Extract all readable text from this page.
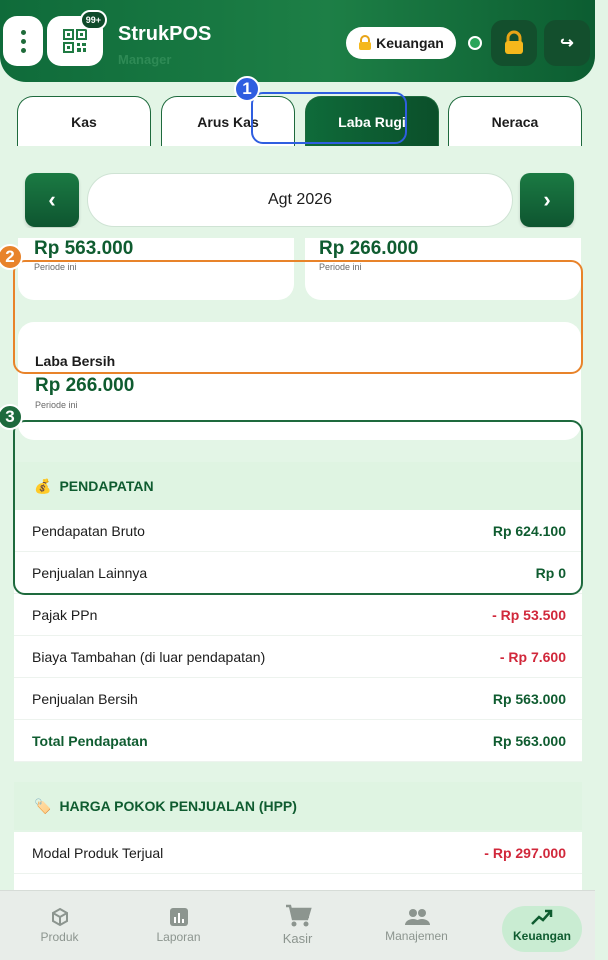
99+
StrukPOS
Manager
Keuangan	↪
Kas	Arus Kas	Laba Rugi	Neraca
‹	Agt 2026	›
Rp 563.000
Periode ini
Rp 266.000
Periode ini
Laba Bersih
Rp 266.000
Periode ini
💰 PENDAPATAN
Pendapatan Bruto	Rp 624.100
Penjualan Lainnya	Rp 0
Pajak PPn	- Rp 53.500
Biaya Tambahan (di luar pendapatan)	- Rp 7.600
Penjualan Bersih	Rp 563.000
Total Pendapatan	Rp 563.000
🏷️ HARGA POKOK PENJUALAN (HPP)
Modal Produk Terjual	- Rp 297.000
1
2
3
Produk	Laporan	Kasir	Manajemen	Keuangan
